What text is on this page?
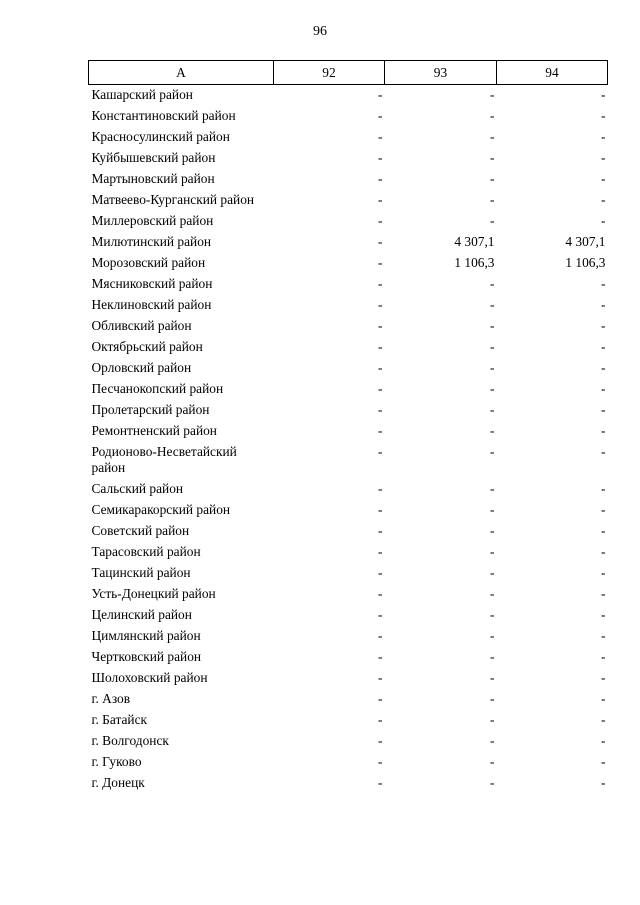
96
А	92	93	94
Кашарский район	-	-	-
Константиновский район	-	-	-
Красносулинский район	-	-	-
Куйбышевский район	-	-	-
Мартыновский район	-	-	-
Матвеево-Курганский район	-	-	-
Миллеровский район	-	-	-
Милютинский район	-	4 307,1	4 307,1
Морозовский район	-	1 106,3	1 106,3
Мясниковский район	-	-	-
Неклиновский район	-	-	-
Обливский район	-	-	-
Октябрьский район	-	-	-
Орловский район	-	-	-
Песчанокопский район	-	-	-
Пролетарский район	-	-	-
Ремонтненский район	-	-	-
Родионово-Несветайский район	-	-	-
Сальский район	-	-	-
Семикаракорский район	-	-	-
Советский район	-	-	-
Тарасовский район	-	-	-
Тацинский район	-	-	-
Усть-Донецкий район	-	-	-
Целинский район	-	-	-
Цимлянский район	-	-	-
Чертковский район	-	-	-
Шолоховский район	-	-	-
г. Азов	-	-	-
г. Батайск	-	-	-
г. Волгодонск	-	-	-
г. Гуково	-	-	-
г. Донецк	-	-	-
